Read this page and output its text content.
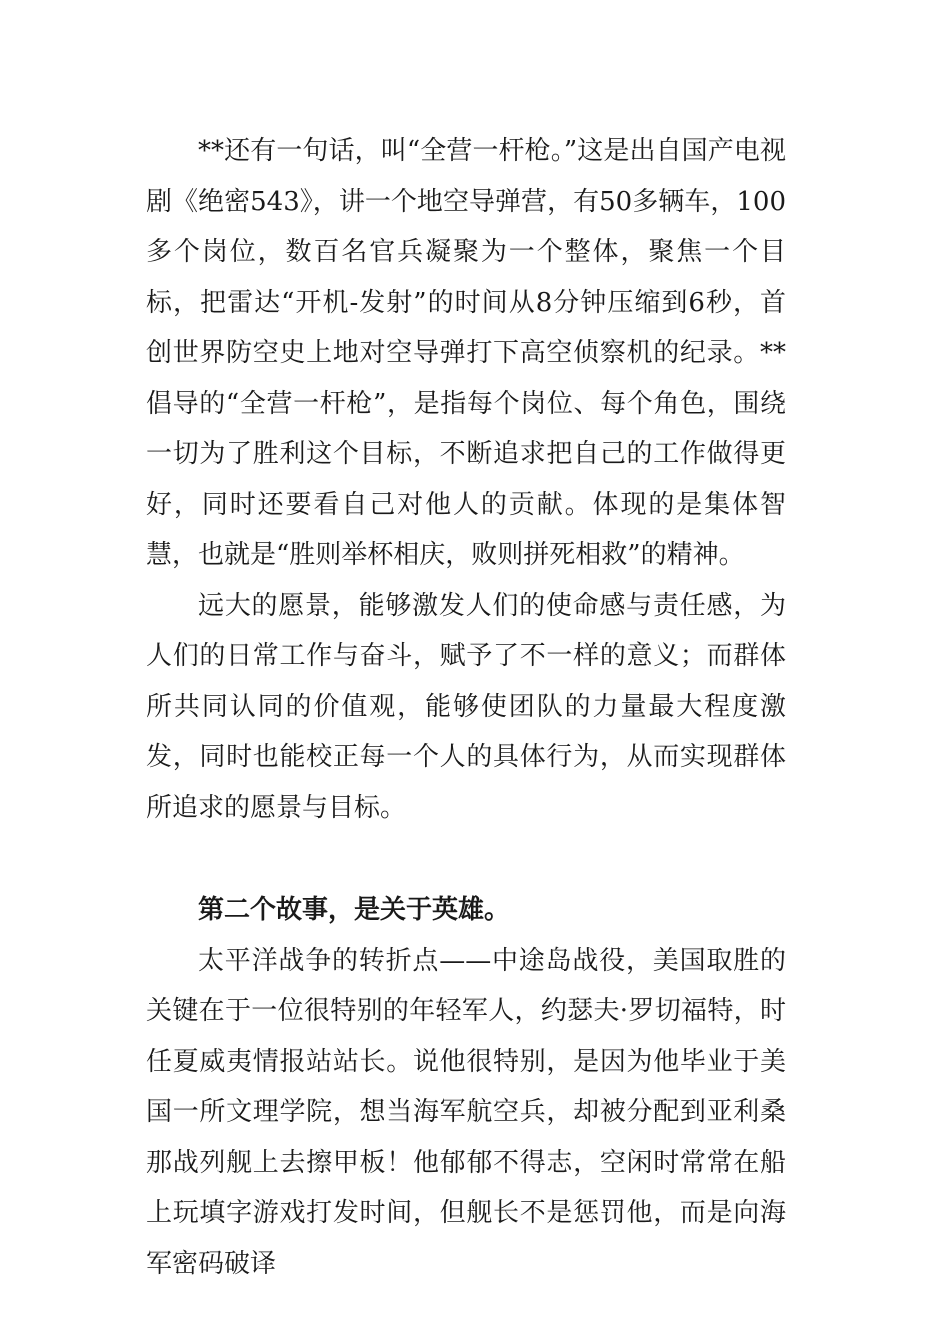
**还有一句话，叫“全营一杆枪。”这是出自国产电视剧《绝密543》，讲一个地空导弹营，有50多辆车，100多个岗位，数百名官兵凝聚为一个整体，聚焦一个目标，把雷达“开机-发射”的时间从8分钟压缩到6秒，首创世界防空史上地对空导弹打下高空侦察机的纪录。**倡导的“全营一杆枪”，是指每个岗位、每个角色，围绕一切为了胜利这个目标，不断追求把自己的工作做得更好，同时还要看自己对他人的贡献。体现的是集体智慧，也就是“胜则举杯相庆，败则拼死相救”的精神。

远大的愿景，能够激发人们的使命感与责任感，为人们的日常工作与奋斗，赋予了不一样的意义；而群体所共同认同的价值观，能够使团队的力量最大程度激发，同时也能校正每一个人的具体行为，从而实现群体所追求的愿景与目标。

第二个故事，是关于英雄。

太平洋战争的转折点——中途岛战役，美国取胜的关键在于一位很特别的年轻军人，约瑟夫·罗切福特，时任夏威夷情报站站长。说他很特别，是因为他毕业于美国一所文理学院，想当海军航空兵，却被分配到亚利桑那战列舰上去擦甲板！他郁郁不得志，空闲时常常在船上玩填字游戏打发时间，但舰长不是惩罚他，而是向海军密码破译
